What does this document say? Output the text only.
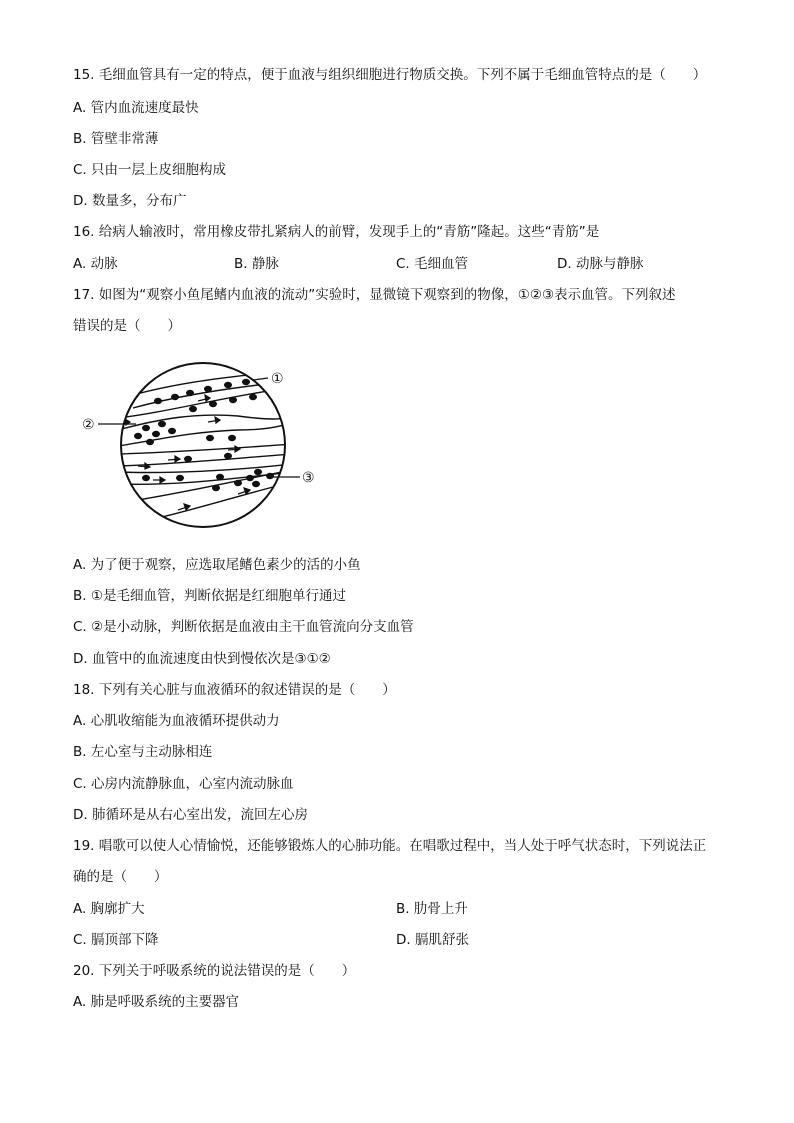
15. 毛细血管具有一定的特点，便于血液与组织细胞进行物质交换。下列不属于毛细血管特点的是（　　）
A. 管内血流速度最快
B. 管壁非常薄
C. 只由一层上皮细胞构成
D. 数量多，分布广
16. 给病人输液时，常用橡皮带扎紧病人的前臂，发现手上的“青筋”隆起。这些“青筋”是
A. 动脉	B. 静脉	C. 毛细血管	D. 动脉与静脉
17. 如图为“观察小鱼尾鳍内血液的流动”实验时，显微镜下观察到的物像，①②③表示血管。下列叙述
错误的是（　　）
①
②
③
A. 为了便于观察，应选取尾鳍色素少的活的小鱼
B. ①是毛细血管，判断依据是红细胞单行通过
C. ②是小动脉，判断依据是血液由主干血管流向分支血管
D. 血管中的血流速度由快到慢依次是③①②
18. 下列有关心脏与血液循环的叙述错误的是（　　）
A. 心肌收缩能为血液循环提供动力
B. 左心室与主动脉相连
C. 心房内流静脉血，心室内流动脉血
D. 肺循环是从右心室出发，流回左心房
19. 唱歌可以使人心情愉悦，还能够锻炼人的心肺功能。在唱歌过程中，当人处于呼气状态时，下列说法正
确的是（　　）
A. 胸廓扩大	B. 肋骨上升
C. 膈顶部下降	D. 膈肌舒张
20. 下列关于呼吸系统的说法错误的是（　　）
A. 肺是呼吸系统的主要器官
